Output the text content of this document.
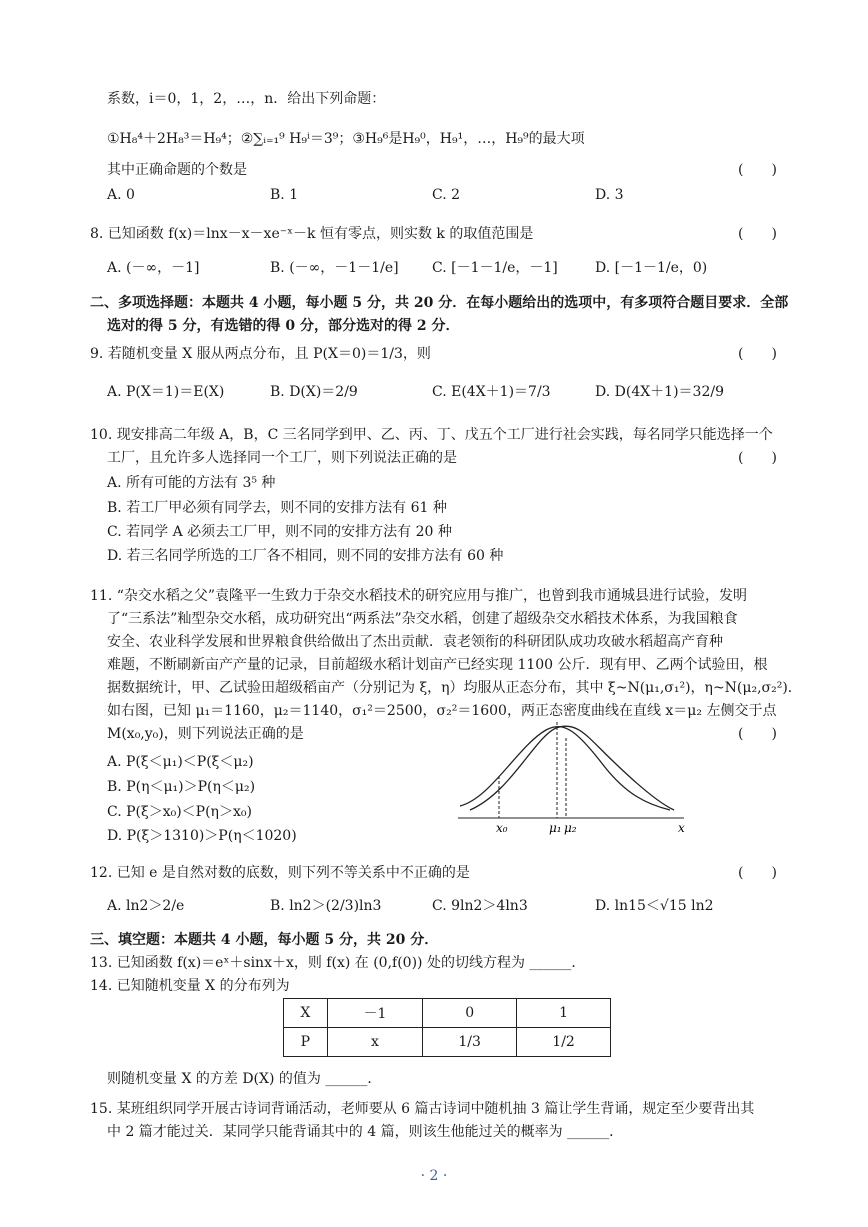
系数，i＝0，1，2，…，n．给出下列命题：
①H₈⁴＋2H₈³＝H₉⁴；②∑ᵢ₌₁⁹ H₉ⁱ＝3⁹；③H₉⁶是H₉⁰，H₉¹，…，H₉⁹的最大项
其中正确命题的个数是	(　　)
A. 0	B. 1	C. 2	D. 3
8. 已知函数 f(x)＝lnx－x－xe⁻ˣ－k 恒有零点，则实数 k 的取值范围是	(　　)
A. (－∞，－1]	B. (－∞，－1－1/e] C. [－1－1/e，－1]	D. [－1－1/e，0)
二、多项选择题：本题共 4 小题，每小题 5 分，共 20 分．在每小题给出的选项中，有多项符合题目要求．全部
选对的得 5 分，有选错的得 0 分，部分选对的得 2 分．
9. 若随机变量 X 服从两点分布，且 P(X＝0)＝1/3，则	(　　)
A. P(X＝1)＝E(X)	B. D(X)＝2/9	C. E(4X＋1)＝7/3	D. D(4X＋1)＝32/9
10. 现安排高二年级 A，B，C 三名同学到甲、乙、丙、丁、戊五个工厂进行社会实践，每名同学只能选择一个
工厂，且允许多人选择同一个工厂，则下列说法正确的是	(　　)
A. 所有可能的方法有 3⁵ 种
B. 若工厂甲必须有同学去，则不同的安排方法有 61 种
C. 若同学 A 必须去工厂甲，则不同的安排方法有 20 种
D. 若三名同学所选的工厂各不相同，则不同的安排方法有 60 种
11. “杂交水稻之父”袁隆平一生致力于杂交水稻技术的研究应用与推广，也曾到我市通城县进行试验，发明
了“三系法”籼型杂交水稻，成功研究出“两系法”杂交水稻，创建了超级杂交水稻技术体系，为我国粮食
安全、农业科学发展和世界粮食供给做出了杰出贡献．袁老领衔的科研团队成功攻破水稻超高产育种
难题，不断刷新亩产产量的记录，目前超级水稻计划亩产已经实现 1100 公斤．现有甲、乙两个试验田，根
据数据统计，甲、乙试验田超级稻亩产（分别记为 ξ，η）均服从正态分布，其中 ξ~N(μ₁,σ₁²)，η~N(μ₂,σ₂²)．
如右图，已知 μ₁＝1160，μ₂＝1140，σ₁²＝2500，σ₂²＝1600，两正态密度曲线在直线 x＝μ₂ 左侧交于点
M(x₀,y₀)，则下列说法正确的是	(　　)
A. P(ξ＜μ₁)＜P(ξ＜μ₂)
B. P(η＜μ₁)＞P(η＜μ₂)
C. P(ξ＞x₀)＜P(η＞x₀)
D. P(ξ＞1310)＞P(η＜1020)	x₀	μ₁ μ₂	x
12. 已知 e 是自然对数的底数，则下列不等关系中不正确的是	(　　)
A. ln2＞2/e	B. ln2＞(2/3)ln3	C. 9ln2＞4ln3	D. ln15＜√15 ln2
三、填空题：本题共 4 小题，每小题 5 分，共 20 分．
13. 已知函数 f(x)＝eˣ＋sinx＋x，则 f(x) 在 (0,f(0)) 处的切线方程为 ______．
14. 已知随机变量 X 的分布列为
X	－1	0	1
P	x	1/3	1/2
则随机变量 X 的方差 D(X) 的值为 ______．
15. 某班组织同学开展古诗词背诵活动，老师要从 6 篇古诗词中随机抽 3 篇让学生背诵，规定至少要背出其
中 2 篇才能过关．某同学只能背诵其中的 4 篇，则该生他能过关的概率为 ______．
· 2 ·
